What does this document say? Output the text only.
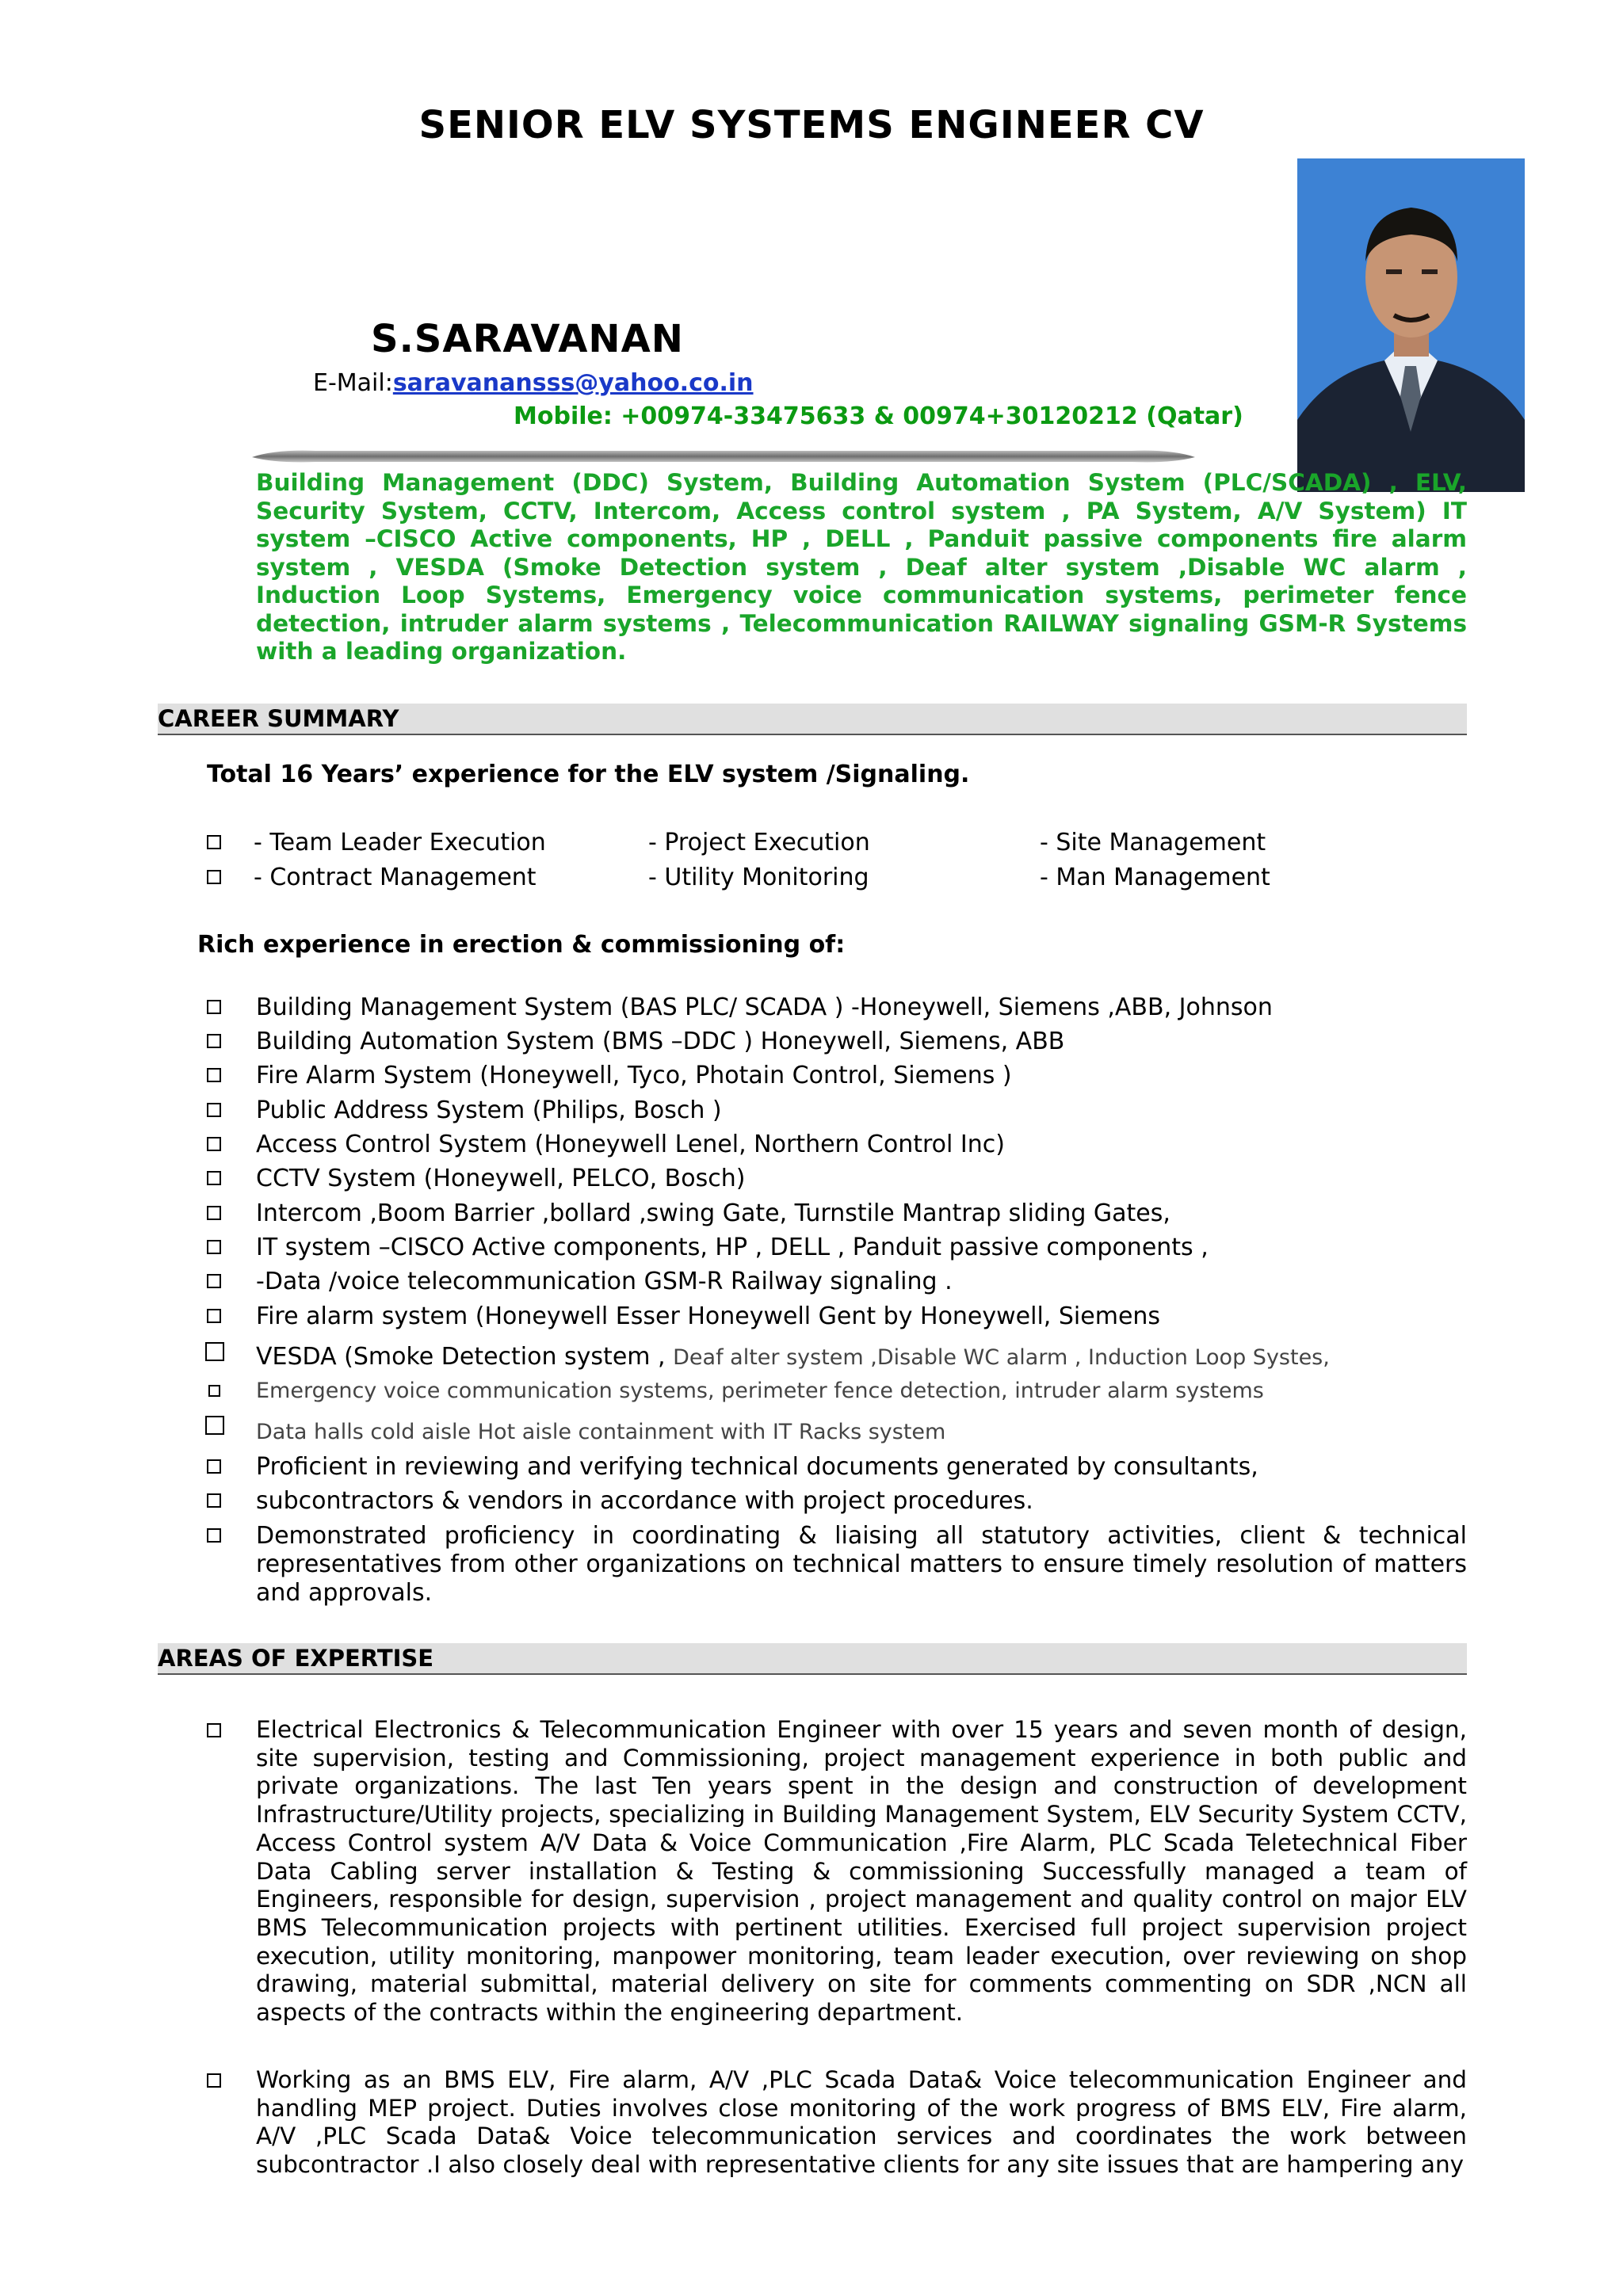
SENIOR ELV SYSTEMS ENGINEER CV
S.SARAVANAN
E-Mail:saravanansss@yahoo.co.in
Mobile: +00974-33475633 & 00974+30120212 (Qatar)
Building Management (DDC) System, Building Automation System (PLC/SCADA) , ELV, Security System, CCTV, Intercom, Access control system , PA System, A/V System) IT system –CISCO Active components, HP , DELL , Panduit passive components fire alarm system , VESDA (Smoke Detection system , Deaf alter system ,Disable WC alarm , Induction Loop Systems, Emergency voice communication systems, perimeter fence detection, intruder alarm systems , Telecommunication RAILWAY signaling GSM-R Systems with a leading organization.
CAREER SUMMARY
Total 16 Years’ experience for the ELV system /Signaling.
- Team Leader Execution	- Project Execution	- Site Management
- Contract Management	- Utility Monitoring	- Man Management
Rich experience in erection & commissioning of:
Building Management System (BAS PLC/ SCADA ) -Honeywell, Siemens ,ABB, Johnson
Building Automation System (BMS –DDC ) Honeywell, Siemens, ABB
Fire Alarm System (Honeywell, Tyco, Photain Control, Siemens )
Public Address System (Philips, Bosch )
Access Control System (Honeywell Lenel, Northern Control Inc)
CCTV System (Honeywell, PELCO, Bosch)
Intercom ,Boom Barrier ,bollard ,swing Gate, Turnstile Mantrap sliding Gates,
IT system –CISCO Active components, HP , DELL , Panduit passive components ,
-Data /voice telecommunication GSM-R Railway signaling .
Fire alarm system (Honeywell Esser Honeywell Gent by Honeywell, Siemens
VESDA (Smoke Detection system , Deaf alter system ,Disable WC alarm , Induction Loop Systes,
Emergency voice communication systems, perimeter fence detection, intruder alarm systems
Data halls cold aisle Hot aisle containment with IT Racks system
Proficient in reviewing and verifying technical documents generated by consultants,
subcontractors & vendors in accordance with project procedures.
Demonstrated proficiency in coordinating & liaising all statutory activities, client & technical representatives from other organizations on technical matters to ensure timely resolution of matters and approvals.
AREAS OF EXPERTISE
Electrical Electronics & Telecommunication Engineer with over 15 years and seven month of design, site supervision, testing and Commissioning, project management experience in both public and private organizations. The last Ten years spent in the design and construction of development Infrastructure/Utility projects, specializing in Building Management System, ELV Security System CCTV, Access Control system A/V Data & Voice Communication ,Fire Alarm, PLC Scada Teletechnical Fiber Data Cabling server installation & Testing & commissioning Successfully managed a team of Engineers, responsible for design, supervision , project management and quality control on major ELV BMS Telecommunication projects with pertinent utilities. Exercised full project supervision project execution, utility monitoring, manpower monitoring, team leader execution, over reviewing on shop drawing, material submittal, material delivery on site for comments commenting on SDR ,NCN all aspects of the contracts within the engineering department.
Working as an BMS ELV, Fire alarm, A/V ,PLC Scada Data& Voice telecommunication Engineer and handling MEP project. Duties involves close monitoring of the work progress of BMS ELV, Fire alarm, A/V ,PLC Scada Data& Voice telecommunication services and coordinates the work between subcontractor .I also closely deal with representative clients for any site issues that are hampering any
